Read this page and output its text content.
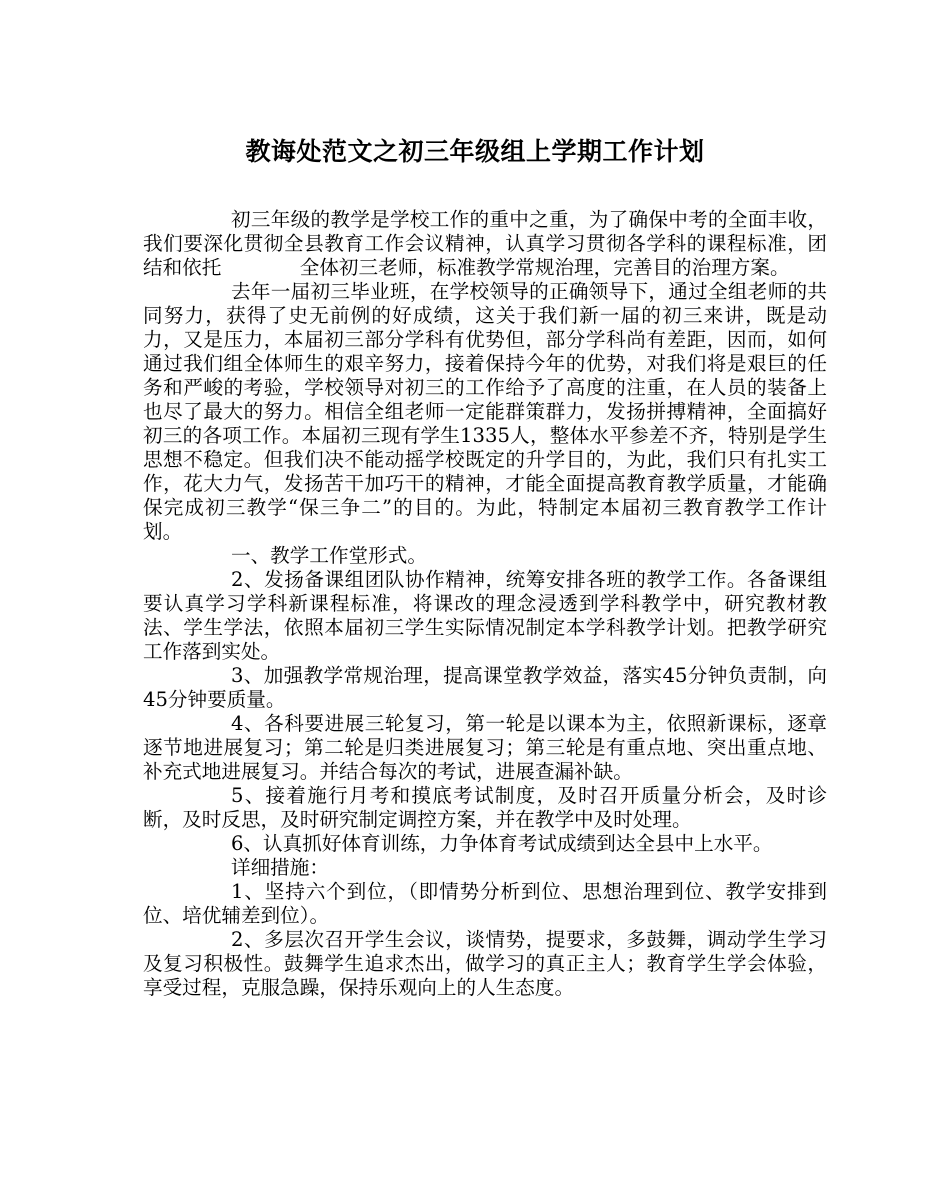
教诲处范文之初三年级组上学期工作计划

初三年级的教学是学校工作的重中之重，为了确保中考的全面丰收，我们要深化贯彻全县教育工作会议精神，认真学习贯彻各学科的课程标准，团结和依托　　　　全体初三老师，标准教学常规治理，完善目的治理方案。

去年一届初三毕业班，在学校领导的正确领导下，通过全组老师的共同努力，获得了史无前例的好成绩，这关于我们新一届的初三来讲，既是动力，又是压力，本届初三部分学科有优势但，部分学科尚有差距，因而，如何通过我们组全体师生的艰辛努力，接着保持今年的优势，对我们将是艰巨的任务和严峻的考验，学校领导对初三的工作给予了高度的注重，在人员的装备上也尽了最大的努力。相信全组老师一定能群策群力，发扬拼搏精神，全面搞好初三的各项工作。本届初三现有学生1335人，整体水平参差不齐，特别是学生思想不稳定。但我们决不能动摇学校既定的升学目的，为此，我们只有扎实工作，花大力气，发扬苦干加巧干的精神，才能全面提高教育教学质量，才能确保完成初三教学“保三争二”的目的。为此，特制定本届初三教育教学工作计划。

一、教学工作堂形式。

2、发扬备课组团队协作精神，统筹安排各班的教学工作。各备课组要认真学习学科新课程标准，将课改的理念浸透到学科教学中，研究教材教法、学生学法，依照本届初三学生实际情况制定本学科教学计划。把教学研究工作落到实处。

3、加强教学常规治理，提高课堂教学效益，落实45分钟负责制，向45分钟要质量。

4、各科要进展三轮复习，第一轮是以课本为主，依照新课标，逐章逐节地进展复习；第二轮是归类进展复习；第三轮是有重点地、突出重点地、补充式地进展复习。并结合每次的考试，进展查漏补缺。

5、接着施行月考和摸底考试制度，及时召开质量分析会，及时诊断，及时反思，及时研究制定调控方案，并在教学中及时处理。

6、认真抓好体育训练，力争体育考试成绩到达全县中上水平。

详细措施：

1、坚持六个到位，（即情势分析到位、思想治理到位、教学安排到位、培优辅差到位）。

2、多层次召开学生会议，谈情势，提要求，多鼓舞，调动学生学习及复习积极性。鼓舞学生追求杰出，做学习的真正主人；教育学生学会体验，享受过程，克服急躁，保持乐观向上的人生态度。
